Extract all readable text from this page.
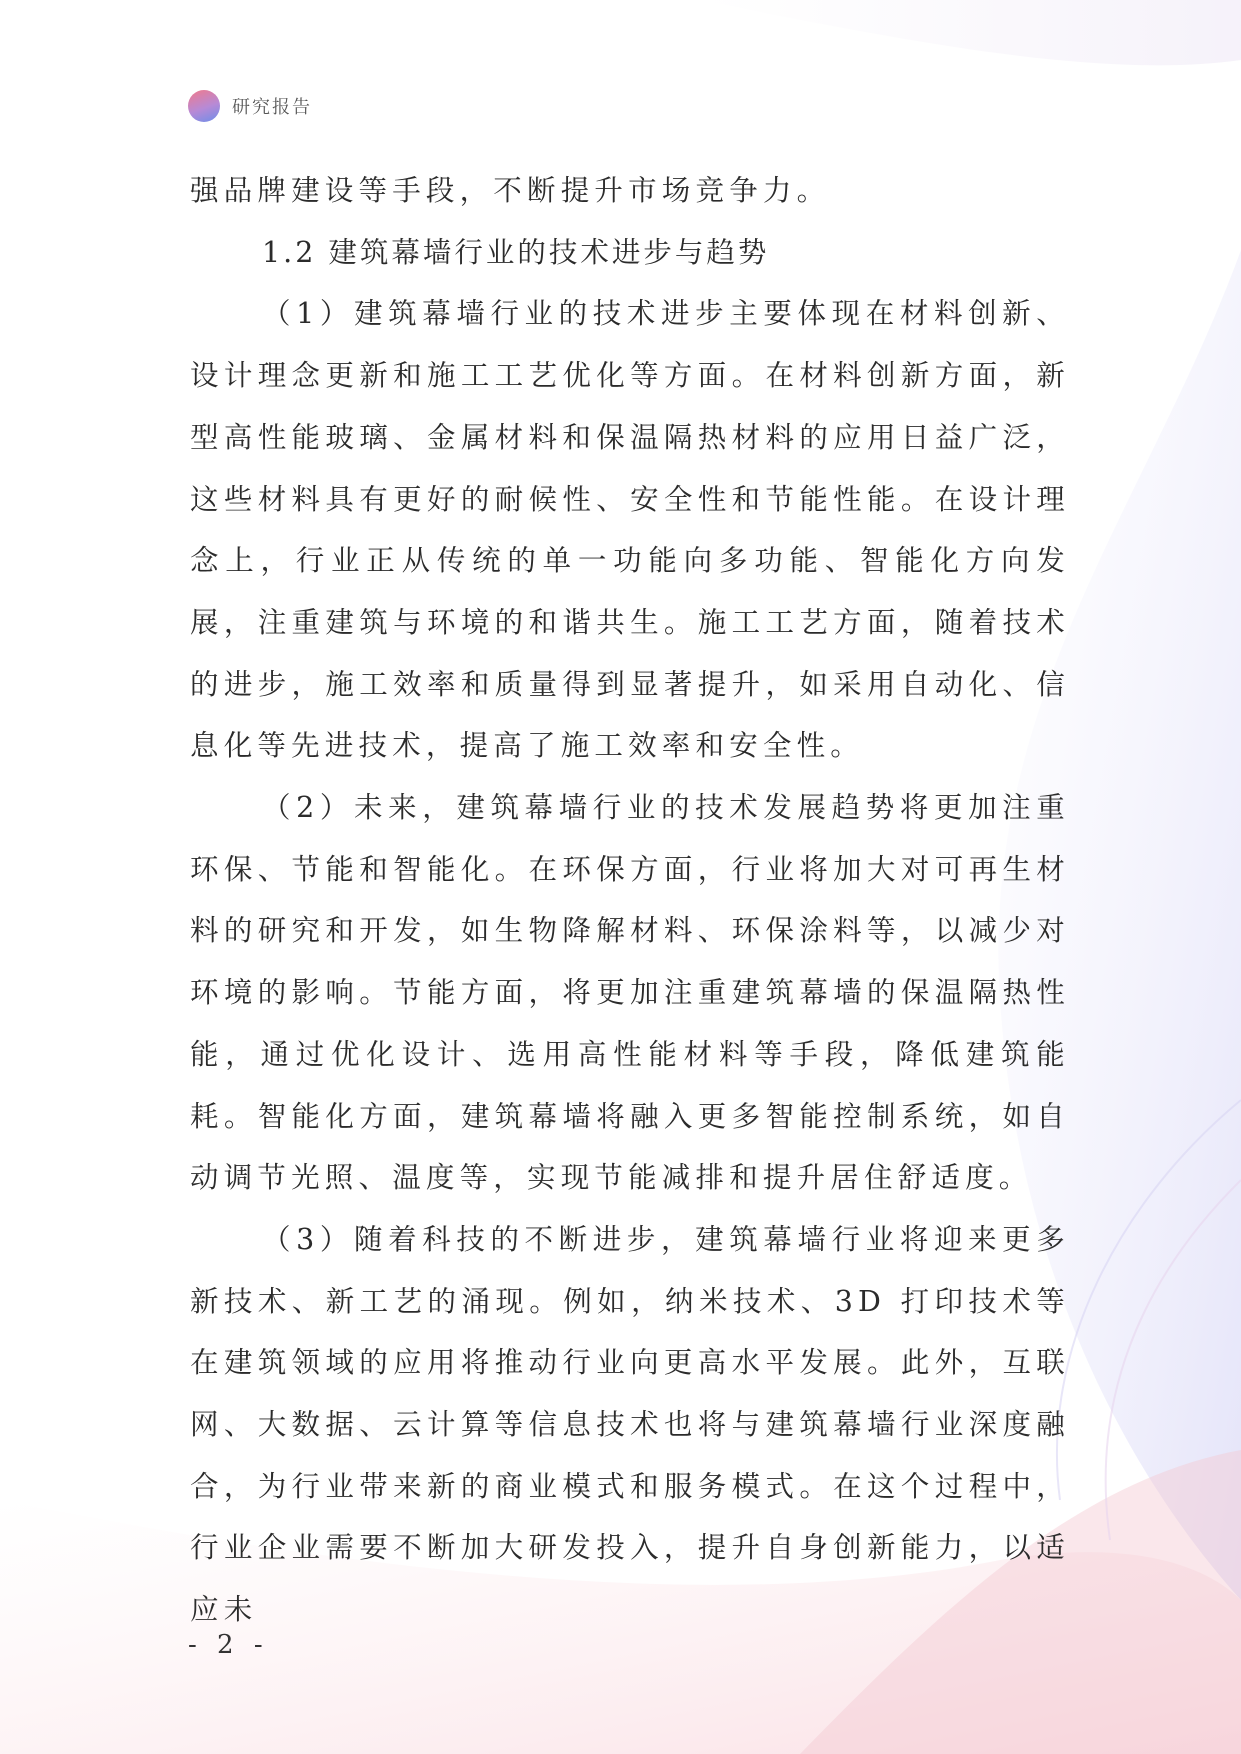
研究报告

强品牌建设等手段，不断提升市场竞争力。

1.2 建筑幕墙行业的技术进步与趋势

（1）建筑幕墙行业的技术进步主要体现在材料创新、设计理念更新和施工工艺优化等方面。在材料创新方面，新型高性能玻璃、金属材料和保温隔热材料的应用日益广泛，这些材料具有更好的耐候性、安全性和节能性能。在设计理念上，行业正从传统的单一功能向多功能、智能化方向发展，注重建筑与环境的和谐共生。施工工艺方面，随着技术的进步，施工效率和质量得到显著提升，如采用自动化、信息化等先进技术，提高了施工效率和安全性。

（2）未来，建筑幕墙行业的技术发展趋势将更加注重环保、节能和智能化。在环保方面，行业将加大对可再生材料的研究和开发，如生物降解材料、环保涂料等，以减少对环境的影响。节能方面，将更加注重建筑幕墙的保温隔热性能，通过优化设计、选用高性能材料等手段，降低建筑能耗。智能化方面，建筑幕墙将融入更多智能控制系统，如自动调节光照、温度等，实现节能减排和提升居住舒适度。

（3）随着科技的不断进步，建筑幕墙行业将迎来更多新技术、新工艺的涌现。例如，纳米技术、3D 打印技术等在建筑领域的应用将推动行业向更高水平发展。此外，互联网、大数据、云计算等信息技术也将与建筑幕墙行业深度融合，为行业带来新的商业模式和服务模式。在这个过程中，行业企业需要不断加大研发投入，提升自身创新能力，以适应未

- 2 -
